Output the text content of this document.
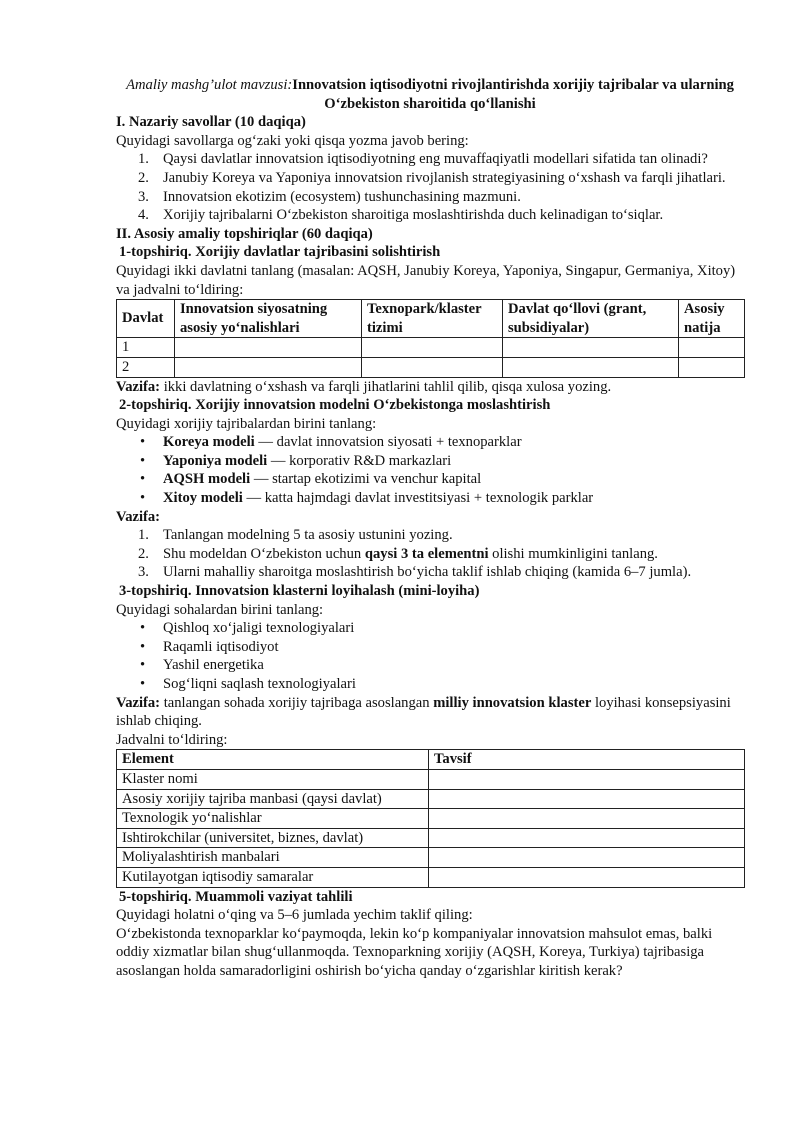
Amaliy mashg’ulot mavzusi:Innovatsion iqtisodiyotni rivojlantirishda xorijiy tajribalar va ularning O‘zbekiston sharoitida qo‘llanishi

I. Nazariy savollar (10 daqiqa)

Quyidagi savollarga og‘zaki yoki qisqa yozma javob bering:

1. Qaysi davlatlar innovatsion iqtisodiyotning eng muvaffaqiyatli modellari sifatida tan olinadi?
2. Janubiy Koreya va Yaponiya innovatsion rivojlanish strategiyasining o‘xshash va farqli jihatlari.
3. Innovatsion ekotizim (ecosystem) tushunchasining mazmuni.
4. Xorijiy tajribalarni O‘zbekiston sharoitiga moslashtirishda duch kelinadigan to‘siqlar.

II. Asosiy amaliy topshiriqlar (60 daqiqa)

1-topshiriq. Xorijiy davlatlar tajribasini solishtirish

Quyidagi ikki davlatni tanlang (masalan: AQSH, Janubiy Koreya, Yaponiya, Singapur, Germaniya, Xitoy) va jadvalni to‘ldiring:

Davlat	Innovatsion siyosatning asosiy yo‘nalishlari	Texnopark/klaster tizimi	Davlat qo‘llovi (grant, subsidiyalar)	Asosiy natija
1				
2				

Vazifa: ikki davlatning o‘xshash va farqli jihatlarini tahlil qilib, qisqa xulosa yozing.

2-topshiriq. Xorijiy innovatsion modelni O‘zbekistonga moslashtirish

Quyidagi xorijiy tajribalardan birini tanlang:

• Koreya modeli — davlat innovatsion siyosati + texnoparklar
• Yaponiya modeli — korporativ R&D markazlari
• AQSH modeli — startap ekotizimi va venchur kapital
• Xitoy modeli — katta hajmdagi davlat investitsiyasi + texnologik parklar

Vazifa:

1. Tanlangan modelning 5 ta asosiy ustunini yozing.
2. Shu modeldan O‘zbekiston uchun qaysi 3 ta elementni olishi mumkinligini tanlang.
3. Ularni mahalliy sharoitga moslashtirish bo‘yicha taklif ishlab chiqing (kamida 6–7 jumla).

3-topshiriq. Innovatsion klasterni loyihalash (mini-loyiha)

Quyidagi sohalardan birini tanlang:

• Qishloq xo‘jaligi texnologiyalari
• Raqamli iqtisodiyot
• Yashil energetika
• Sog‘liqni saqlash texnologiyalari

Vazifa: tanlangan sohada xorijiy tajribaga asoslangan milliy innovatsion klaster loyihasi konsepsiyasini ishlab chiqing.

Jadvalni to‘ldiring:

Element	Tavsif
Klaster nomi	
Asosiy xorijiy tajriba manbasi (qaysi davlat)	
Texnologik yo‘nalishlar	
Ishtirokchilar (universitet, biznes, davlat)	
Moliyalashtirish manbalari	
Kutilayotgan iqtisodiy samaralar	

5-topshiriq. Muammoli vaziyat tahlili

Quyidagi holatni o‘qing va 5–6 jumlada yechim taklif qiling:

O‘zbekistonda texnoparklar ko‘paymoqda, lekin ko‘p kompaniyalar innovatsion mahsulot emas, balki oddiy xizmatlar bilan shug‘ullanmoqda. Texnoparkning xorijiy (AQSH, Koreya, Turkiya) tajribasiga asoslangan holda samaradorligini oshirish bo‘yicha qanday o‘zgarishlar kiritish kerak?
